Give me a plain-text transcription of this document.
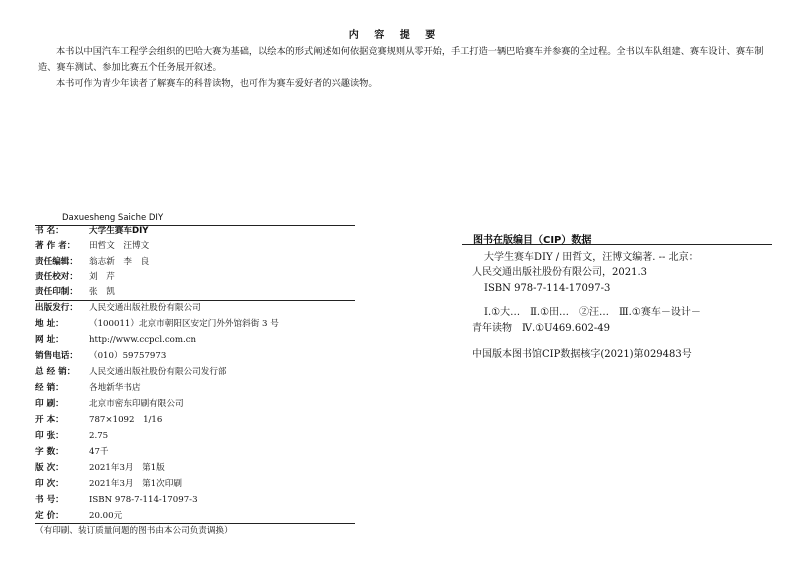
内 容 提 要
本书以中国汽车工程学会组织的巴哈大赛为基础，以绘本的形式阐述如何依据竞赛规则从零开始，手工打造一辆巴哈赛车并参赛的全过程。全书以车队组建、赛车设计、赛车制造、赛车测试、参加比赛五个任务展开叙述。
本书可作为青少年读者了解赛车的科普读物，也可作为赛车爱好者的兴趣读物。
Daxuesheng Saiche DIY
书 名：	大学生赛车DIY
著 作 者： 田哲文　汪博文
责任编辑： 翁志新　李　良
责任校对： 刘　芹
责任印制： 张　凯
出版发行： 人民交通出版社股份有限公司
地 址：	（100011）北京市朝阳区安定门外外馆斜街 3 号
网 址：	http://www.ccpcl.com.cn
销售电话： （010）59757973
总 经 销： 人民交通出版社股份有限公司发行部
经 销：	各地新华书店
印 刷：	北京市密东印刷有限公司
开 本：	787×1092　1/16
印 张：	2.75
字 数：	47千
版 次：	2021年3月　第1版
印 次：	2021年3月　第1次印刷
书 号：	ISBN 978-7-114-17097-3
定 价：	20.00元
（有印刷、装订质量问题的图书由本公司负责调换）
图书在版编目（CIP）数据
大学生赛车DIY / 田哲文，汪博文编著. -- 北京：
人民交通出版社股份有限公司，2021.3
ISBN 978-7-114-17097-3
Ⅰ.①大…　Ⅱ.①田…　②汪…　Ⅲ.①赛车－设计－
青年读物　Ⅳ.①U469.602-49
中国版本图书馆CIP数据核字(2021)第029483号
